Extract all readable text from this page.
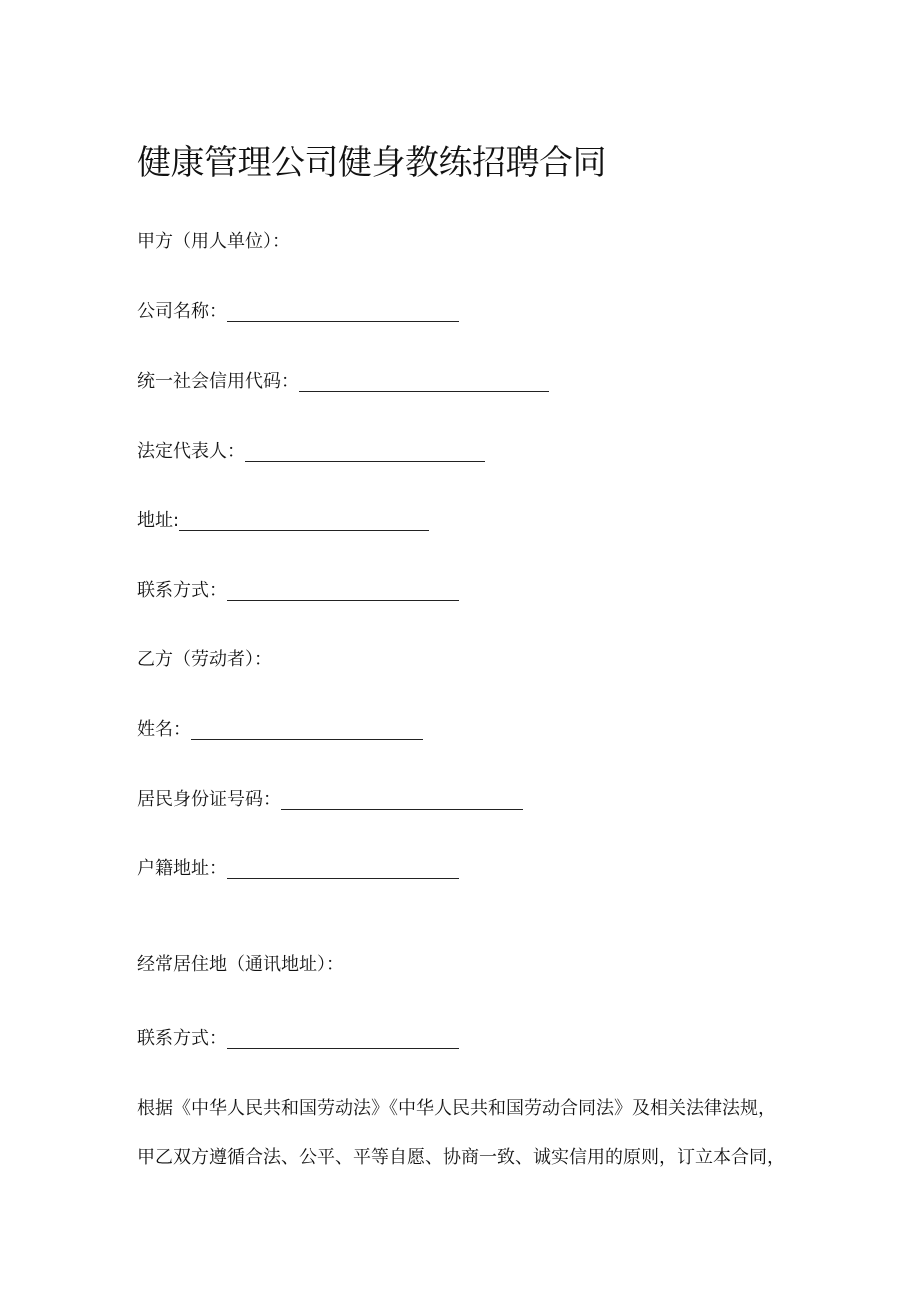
健康管理公司健身教练招聘合同
甲方（用人单位）：
公司名称：
统一社会信用代码：
法定代表人：
地址:
联系方式：
乙方（劳动者）：
姓名：
居民身份证号码：
户籍地址：
经常居住地（通讯地址）：
联系方式：
根据《中华人民共和国劳动法》《中华人民共和国劳动合同法》及相关法律法规，
甲乙双方遵循合法、公平、平等自愿、协商一致、诚实信用的原则，订立本合同，
